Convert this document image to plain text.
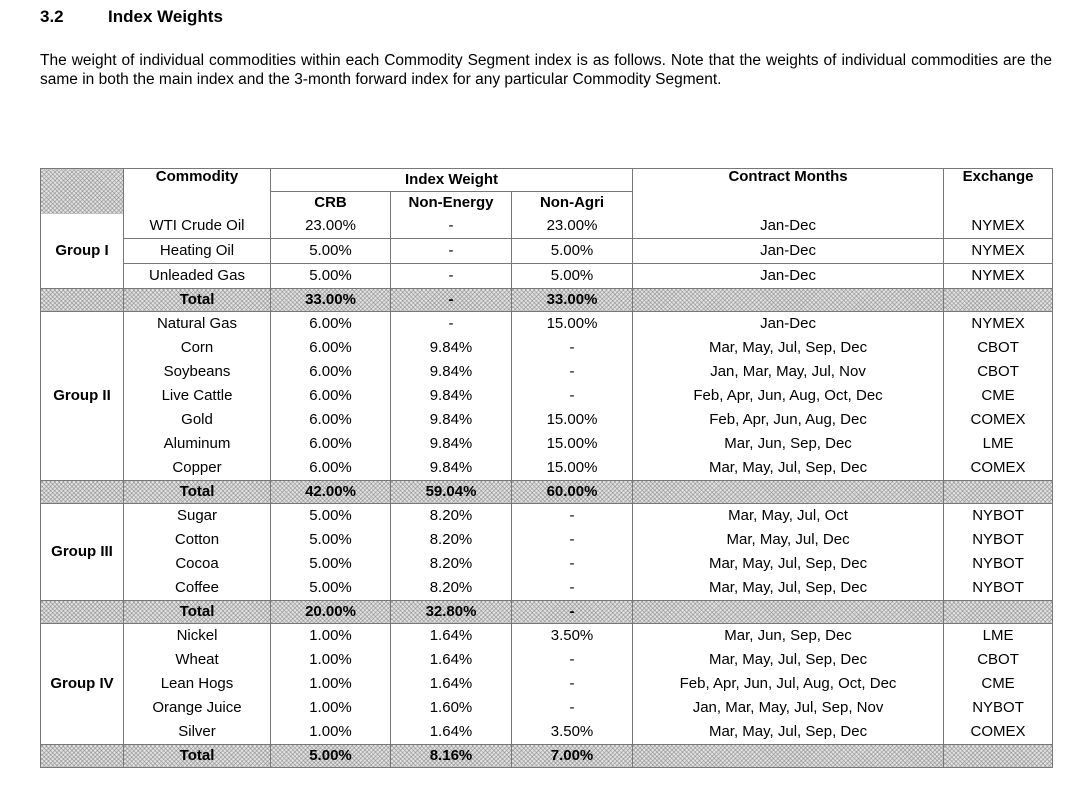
3.2	Index Weights
The weight of individual commodities within each Commodity Segment index is as follows. Note that the weights of individual commodities are the same in both the main index and the 3-month forward index for any particular Commodity Segment.
	Commodity	Index Weight			Contract Months	Exchange
		CRB	Non-Energy	Non-Agri		
Group I	WTI Crude Oil	23.00%	-	23.00%	Jan-Dec	NYMEX
	Heating Oil	5.00%	-	5.00%	Jan-Dec	NYMEX
	Unleaded Gas	5.00%	-	5.00%	Jan-Dec	NYMEX
	Total	33.00%	-	33.00%		
Group II	Natural Gas	6.00%	-	15.00%	Jan-Dec	NYMEX
	Corn	6.00%	9.84%	-	Mar, May, Jul, Sep, Dec	CBOT
	Soybeans	6.00%	9.84%	-	Jan, Mar, May, Jul, Nov	CBOT
	Live Cattle	6.00%	9.84%	-	Feb, Apr, Jun, Aug, Oct, Dec	CME
	Gold	6.00%	9.84%	15.00%	Feb, Apr, Jun, Aug, Dec	COMEX
	Aluminum	6.00%	9.84%	15.00%	Mar, Jun, Sep, Dec	LME
	Copper	6.00%	9.84%	15.00%	Mar, May, Jul, Sep, Dec	COMEX
	Total	42.00%	59.04%	60.00%		
Group III	Sugar	5.00%	8.20%	-	Mar, May, Jul, Oct	NYBOT
	Cotton	5.00%	8.20%	-	Mar, May, Jul, Dec	NYBOT
	Cocoa	5.00%	8.20%	-	Mar, May, Jul, Sep, Dec	NYBOT
	Coffee	5.00%	8.20%	-	Mar, May, Jul, Sep, Dec	NYBOT
	Total	20.00%	32.80%	-		
Group IV	Nickel	1.00%	1.64%	3.50%	Mar, Jun, Sep, Dec	LME
	Wheat	1.00%	1.64%	-	Mar, May, Jul, Sep, Dec	CBOT
	Lean Hogs	1.00%	1.64%	-	Feb, Apr, Jun, Jul, Aug, Oct, Dec	CME
	Orange Juice	1.00%	1.60%	-	Jan, Mar, May, Jul, Sep, Nov	NYBOT
	Silver	1.00%	1.64%	3.50%	Mar, May, Jul, Sep, Dec	COMEX
	Total	5.00%	8.16%	7.00%		
